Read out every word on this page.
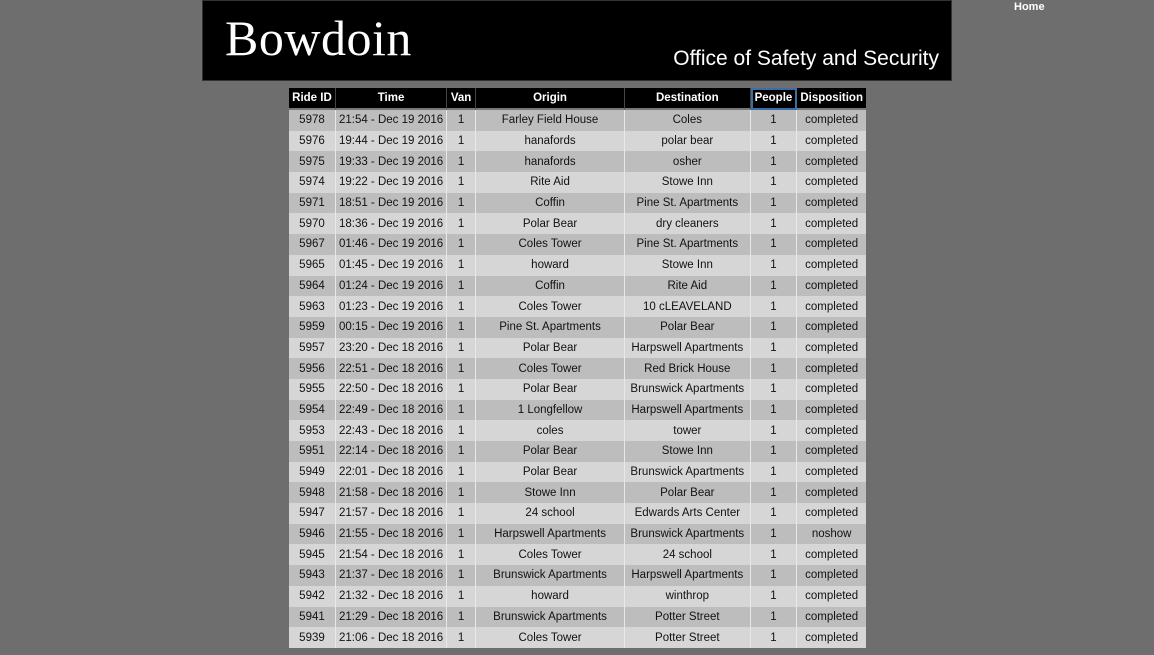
Bowdoin	Office of Safety and Security
Home
Ride ID	Time	Van	Origin	Destination	People	Disposition
5978	21:54 - Dec 19 2016	1	Farley Field House	Coles	1	completed
5976	19:44 - Dec 19 2016	1	hanafords	polar bear	1	completed
5975	19:33 - Dec 19 2016	1	hanafords	osher	1	completed
5974	19:22 - Dec 19 2016	1	Rite Aid	Stowe Inn	1	completed
5971	18:51 - Dec 19 2016	1	Coffin	Pine St. Apartments	1	completed
5970	18:36 - Dec 19 2016	1	Polar Bear	dry cleaners	1	completed
5967	01:46 - Dec 19 2016	1	Coles Tower	Pine St. Apartments	1	completed
5965	01:45 - Dec 19 2016	1	howard	Stowe Inn	1	completed
5964	01:24 - Dec 19 2016	1	Coffin	Rite Aid	1	completed
5963	01:23 - Dec 19 2016	1	Coles Tower	10 cLEAVELAND	1	completed
5959	00:15 - Dec 19 2016	1	Pine St. Apartments	Polar Bear	1	completed
5957	23:20 - Dec 18 2016	1	Polar Bear	Harpswell Apartments	1	completed
5956	22:51 - Dec 18 2016	1	Coles Tower	Red Brick House	1	completed
5955	22:50 - Dec 18 2016	1	Polar Bear	Brunswick Apartments	1	completed
5954	22:49 - Dec 18 2016	1	1 Longfellow	Harpswell Apartments	1	completed
5953	22:43 - Dec 18 2016	1	coles	tower	1	completed
5951	22:14 - Dec 18 2016	1	Polar Bear	Stowe Inn	1	completed
5949	22:01 - Dec 18 2016	1	Polar Bear	Brunswick Apartments	1	completed
5948	21:58 - Dec 18 2016	1	Stowe Inn	Polar Bear	1	completed
5947	21:57 - Dec 18 2016	1	24 school	Edwards Arts Center	1	completed
5946	21:55 - Dec 18 2016	1	Harpswell Apartments	Brunswick Apartments	1	noshow
5945	21:54 - Dec 18 2016	1	Coles Tower	24 school	1	completed
5943	21:37 - Dec 18 2016	1	Brunswick Apartments	Harpswell Apartments	1	completed
5942	21:32 - Dec 18 2016	1	howard	winthrop	1	completed
5941	21:29 - Dec 18 2016	1	Brunswick Apartments	Potter Street	1	completed
5939	21:06 - Dec 18 2016	1	Coles Tower	Potter Street	1	completed
